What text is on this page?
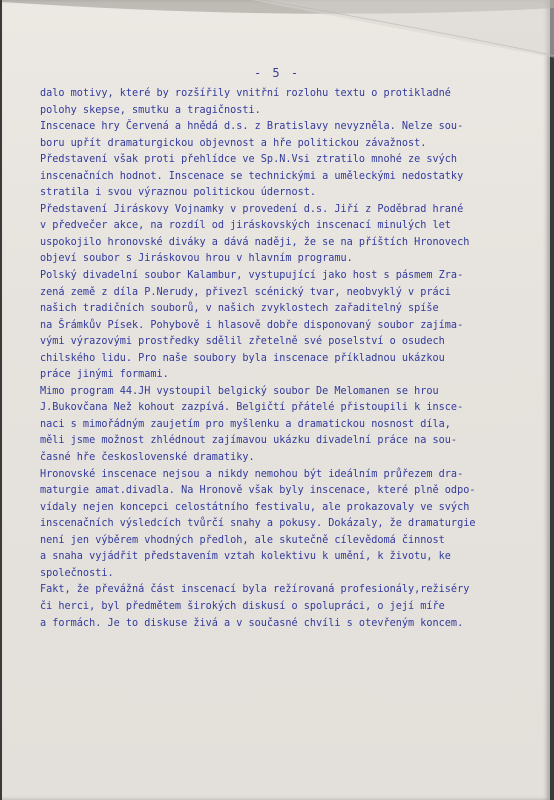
- 5 -
dalo motivy, které by rozšířily vnitřní rozlohu textu o protikladné
polohy skepse, smutku a tragičnosti.
Inscenace hry Červená a hnědá d.s. z Bratislavy nevyzněla. Nelze sou-
boru upřít dramaturgickou objevnost a hře politickou závažnost.
Představení však proti přehlídce ve Sp.N.Vsi ztratilo mnohé ze svých
inscenačních hodnot. Inscenace se technickými a uměleckými nedostatky
stratila i svou výraznou politickou údernost.
Představení Jiráskovy Vojnamky v provedení d.s. Jiří z Poděbrad hrané
v předvečer akce, na rozdíl od jiráskovských inscenací minulých let
uspokojilo hronovské diváky a dává naději, že se na příštích Hronovech
objeví soubor s Jiráskovou hrou v hlavním programu.
Polský divadelní soubor Kalambur, vystupující jako host s pásmem Zra-
zená země z díla P.Nerudy, přivezl scénický tvar, neobvyklý v práci
našich tradičních souborů, v našich zvyklostech zařaditelný spíše
na Šrámkův Písek. Pohybově i hlasově dobře disponovaný soubor zajíma-
vými výrazovými prostředky sdělil zřetelně své poselství o osudech
chilského lidu. Pro naše soubory byla inscenace příkladnou ukázkou
práce jinými formami.
Mimo program 44.JH vystoupil belgický soubor De Melomanen se hrou
J.Bukovčana Než kohout zazpívá. Belgičtí přátelé přistoupili k insce-
naci s mimořádným zaujetím pro myšlenku a dramatickou nosnost díla,
měli jsme možnost zhlédnout zajímavou ukázku divadelní práce na sou-
časné hře československé dramatiky.
Hronovské inscenace nejsou a nikdy nemohou být ideálním průřezem dra-
maturgie amat.divadla. Na Hronově však byly inscenace, které plně odpo-
vídaly nejen koncepci celostátního festivalu, ale prokazovaly ve svých
inscenačních výsledcích tvůrčí snahy a pokusy. Dokázaly, že dramaturgie
není jen výběrem vhodných předloh, ale skutečně cílevědomá činnost
a snaha vyjádřit představením vztah kolektivu k umění, k životu, ke
společnosti.
Fakt, že převážná část inscenací byla režírovaná profesionály,režiséry
či herci, byl předmětem širokých diskusí o spolupráci, o její míře
a formách. Je to diskuse živá a v současné chvíli s otevřeným koncem.
